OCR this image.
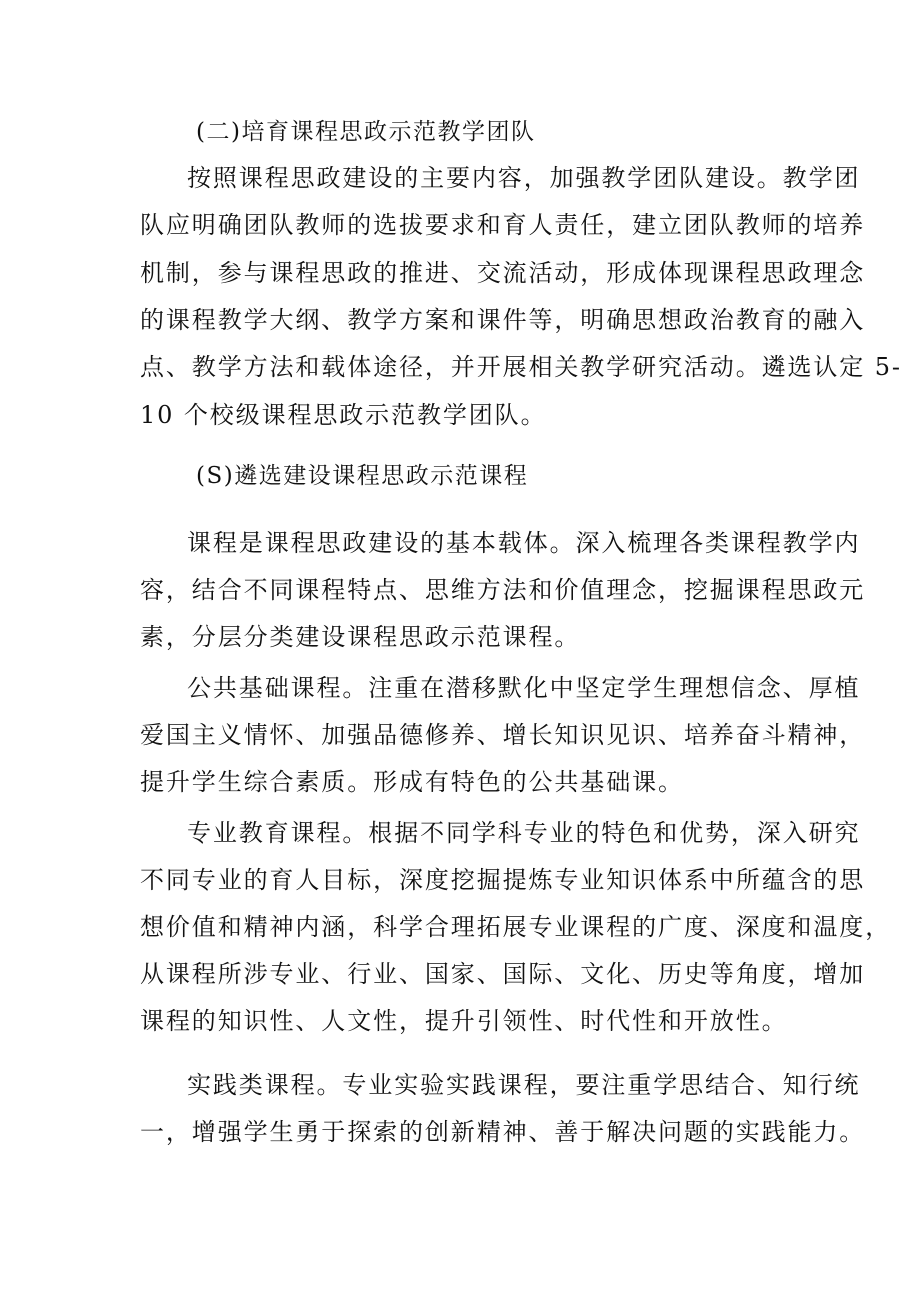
(二)培育课程思政示范教学团队
按照课程思政建设的主要内容，加强教学团队建设。教学团
队应明确团队教师的选拔要求和育人责任，建立团队教师的培养
机制，参与课程思政的推进、交流活动，形成体现课程思政理念
的课程教学大纲、教学方案和课件等，明确思想政治教育的融入
点、教学方法和载体途径，并开展相关教学研究活动。遴选认定 5-
10 个校级课程思政示范教学团队。
(S)遴选建设课程思政示范课程
课程是课程思政建设的基本载体。深入梳理各类课程教学内
容，结合不同课程特点、思维方法和价值理念，挖掘课程思政元
素，分层分类建设课程思政示范课程。
公共基础课程。注重在潜移默化中坚定学生理想信念、厚植
爱国主义情怀、加强品德修养、增长知识见识、培养奋斗精神，
提升学生综合素质。形成有特色的公共基础课。
专业教育课程。根据不同学科专业的特色和优势，深入研究
不同专业的育人目标，深度挖掘提炼专业知识体系中所蕴含的思
想价值和精神内涵，科学合理拓展专业课程的广度、深度和温度，
从课程所涉专业、行业、国家、国际、文化、历史等角度，增加
课程的知识性、人文性，提升引领性、时代性和开放性。
实践类课程。专业实验实践课程，要注重学思结合、知行统
一，增强学生勇于探索的创新精神、善于解决问题的实践能力。
